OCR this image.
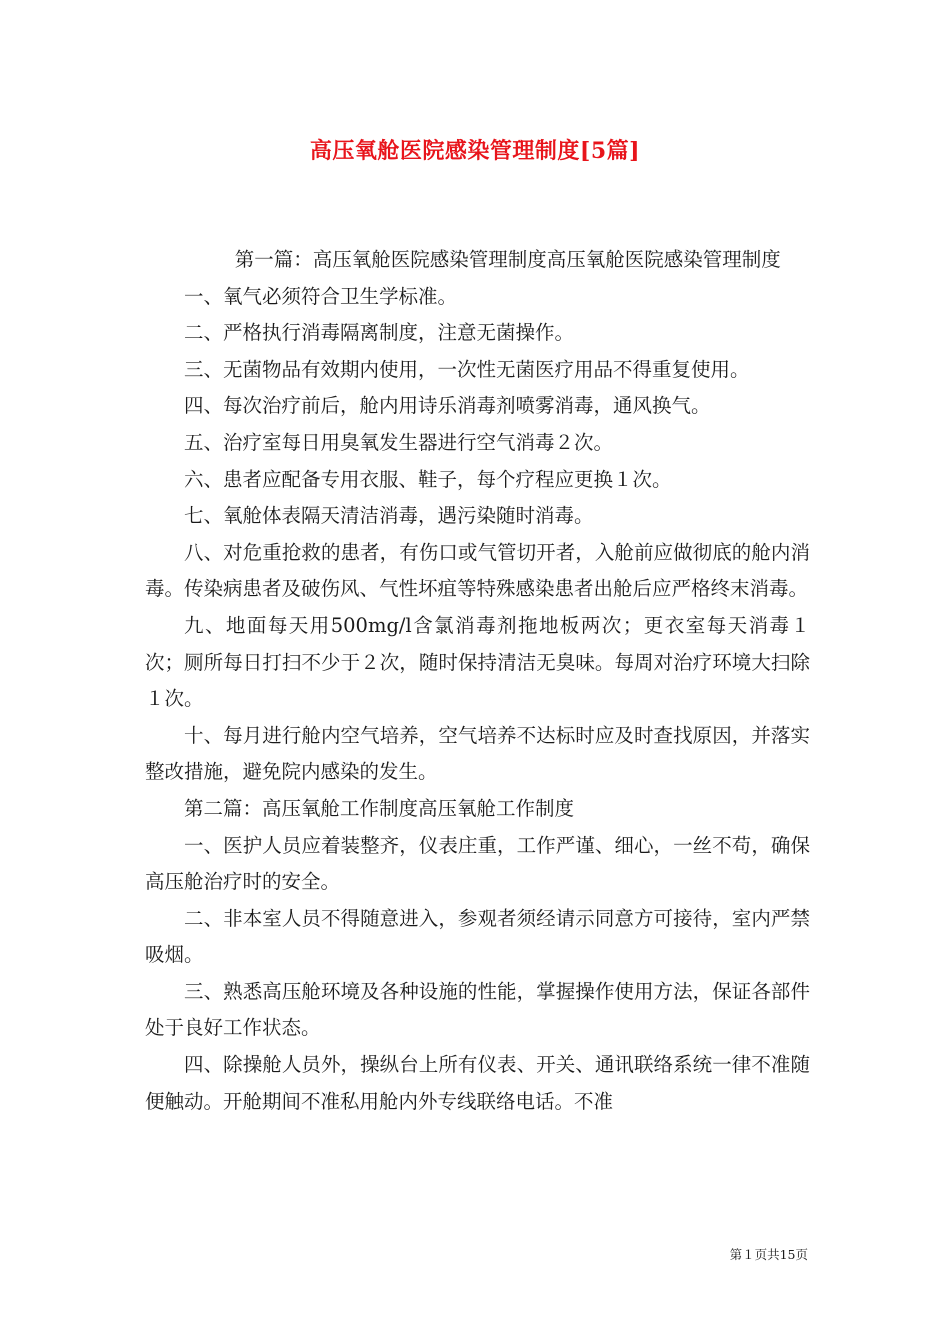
高压氧舱医院感染管理制度[5篇]

第一篇：高压氧舱医院感染管理制度高压氧舱医院感染管理制度

一、氧气必须符合卫生学标准。

二、严格执行消毒隔离制度，注意无菌操作。

三、无菌物品有效期内使用，一次性无菌医疗用品不得重复使用。

四、每次治疗前后，舱内用诗乐消毒剂喷雾消毒，通风换气。

五、治疗室每日用臭氧发生器进行空气消毒２次。

六、患者应配备专用衣服、鞋子，每个疗程应更换１次。

七、氧舱体表隔天清洁消毒，遇污染随时消毒。

八、对危重抢救的患者，有伤口或气管切开者，入舱前应做彻底的舱内消毒。传染病患者及破伤风、气性坏疽等特殊感染患者出舱后应严格终末消毒。

九、地面每天用500mg/l含氯消毒剂拖地板两次；更衣室每天消毒１次；厕所每日打扫不少于２次，随时保持清洁无臭味。每周对治疗环境大扫除１次。

十、每月进行舱内空气培养，空气培养不达标时应及时查找原因，并落实整改措施，避免院内感染的发生。

第二篇：高压氧舱工作制度高压氧舱工作制度

一、医护人员应着装整齐，仪表庄重，工作严谨、细心，一丝不苟，确保高压舱治疗时的安全。

二、非本室人员不得随意进入，参观者须经请示同意方可接待，室内严禁吸烟。

三、熟悉高压舱环境及各种设施的性能，掌握操作使用方法，保证各部件处于良好工作状态。

四、除操舱人员外，操纵台上所有仪表、开关、通讯联络系统一律不准随便触动。开舱期间不准私用舱内外专线联络电话。不准

第１页共15页
